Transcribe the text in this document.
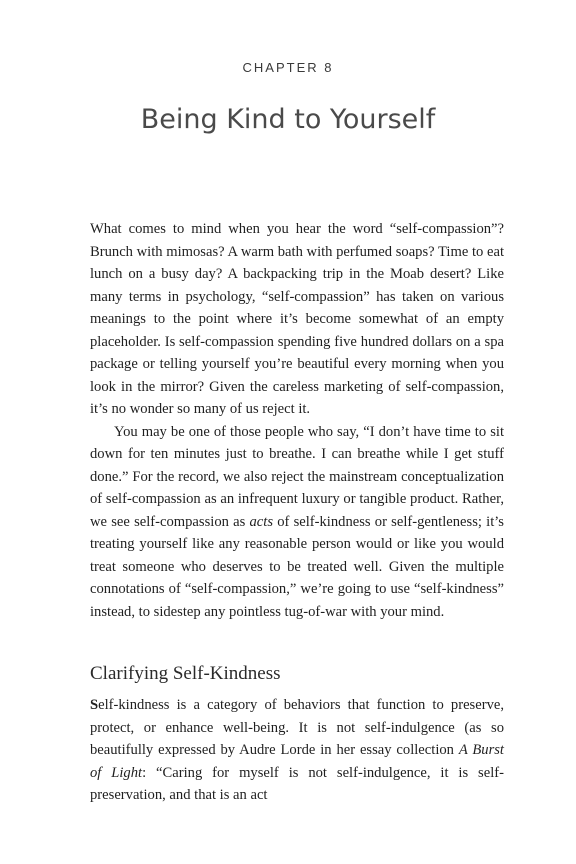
CHAPTER 8
Being Kind to Yourself

What comes to mind when you hear the word “self-compassion”? Brunch with mimosas? A warm bath with perfumed soaps? Time to eat lunch on a busy day? A backpacking trip in the Moab desert? Like many terms in psychology, “self-compassion” has taken on various meanings to the point where it’s become somewhat of an empty placeholder. Is self-compassion spending five hundred dollars on a spa package or telling yourself you’re beautiful every morning when you look in the mirror? Given the careless marketing of self-compassion, it’s no wonder so many of us reject it.

You may be one of those people who say, “I don’t have time to sit down for ten minutes just to breathe. I can breathe while I get stuff done.” For the record, we also reject the mainstream conceptualization of self-compassion as an infrequent luxury or tangible product. Rather, we see self-compassion as acts of self-kindness or self-gentleness; it’s treating yourself like any reasonable person would or like you would treat someone who deserves to be treated well. Given the multiple connotations of “self-compassion,” we’re going to use “self-kindness” instead, to sidestep any pointless tug-of-war with your mind.

Clarifying Self-Kindness

Self-kindness is a category of behaviors that function to preserve, protect, or enhance well-being. It is not self-indulgence (as so beautifully expressed by Audre Lorde in her essay collection A Burst of Light: “Caring for myself is not self-indulgence, it is self-preservation, and that is an act
